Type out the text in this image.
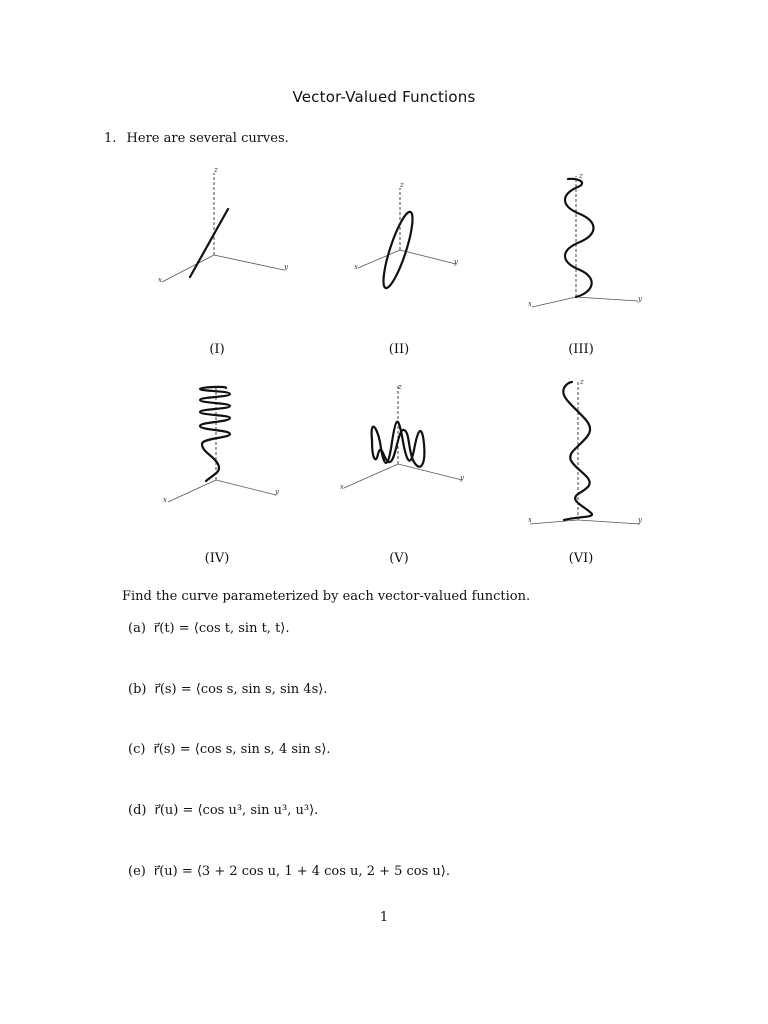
Vector-Valued Functions
1. Here are several curves.
z
x
y
(I)
z
x
y
(II)
z
x
y
(III)
x
y
(IV)
z
x
y
(V)
z
x	y
(VI)
Find the curve parameterized by each vector-valued function.
(a) r⃗(t) = ⟨cos t, sin t, t⟩.
(b) r⃗(s) = ⟨cos s, sin s, sin 4s⟩.
(c) r⃗(s) = ⟨cos s, sin s, 4 sin s⟩.
(d) r⃗(u) = ⟨cos u³, sin u³, u³⟩.
(e) r⃗(u) = ⟨3 + 2 cos u, 1 + 4 cos u, 2 + 5 cos u⟩.
1
